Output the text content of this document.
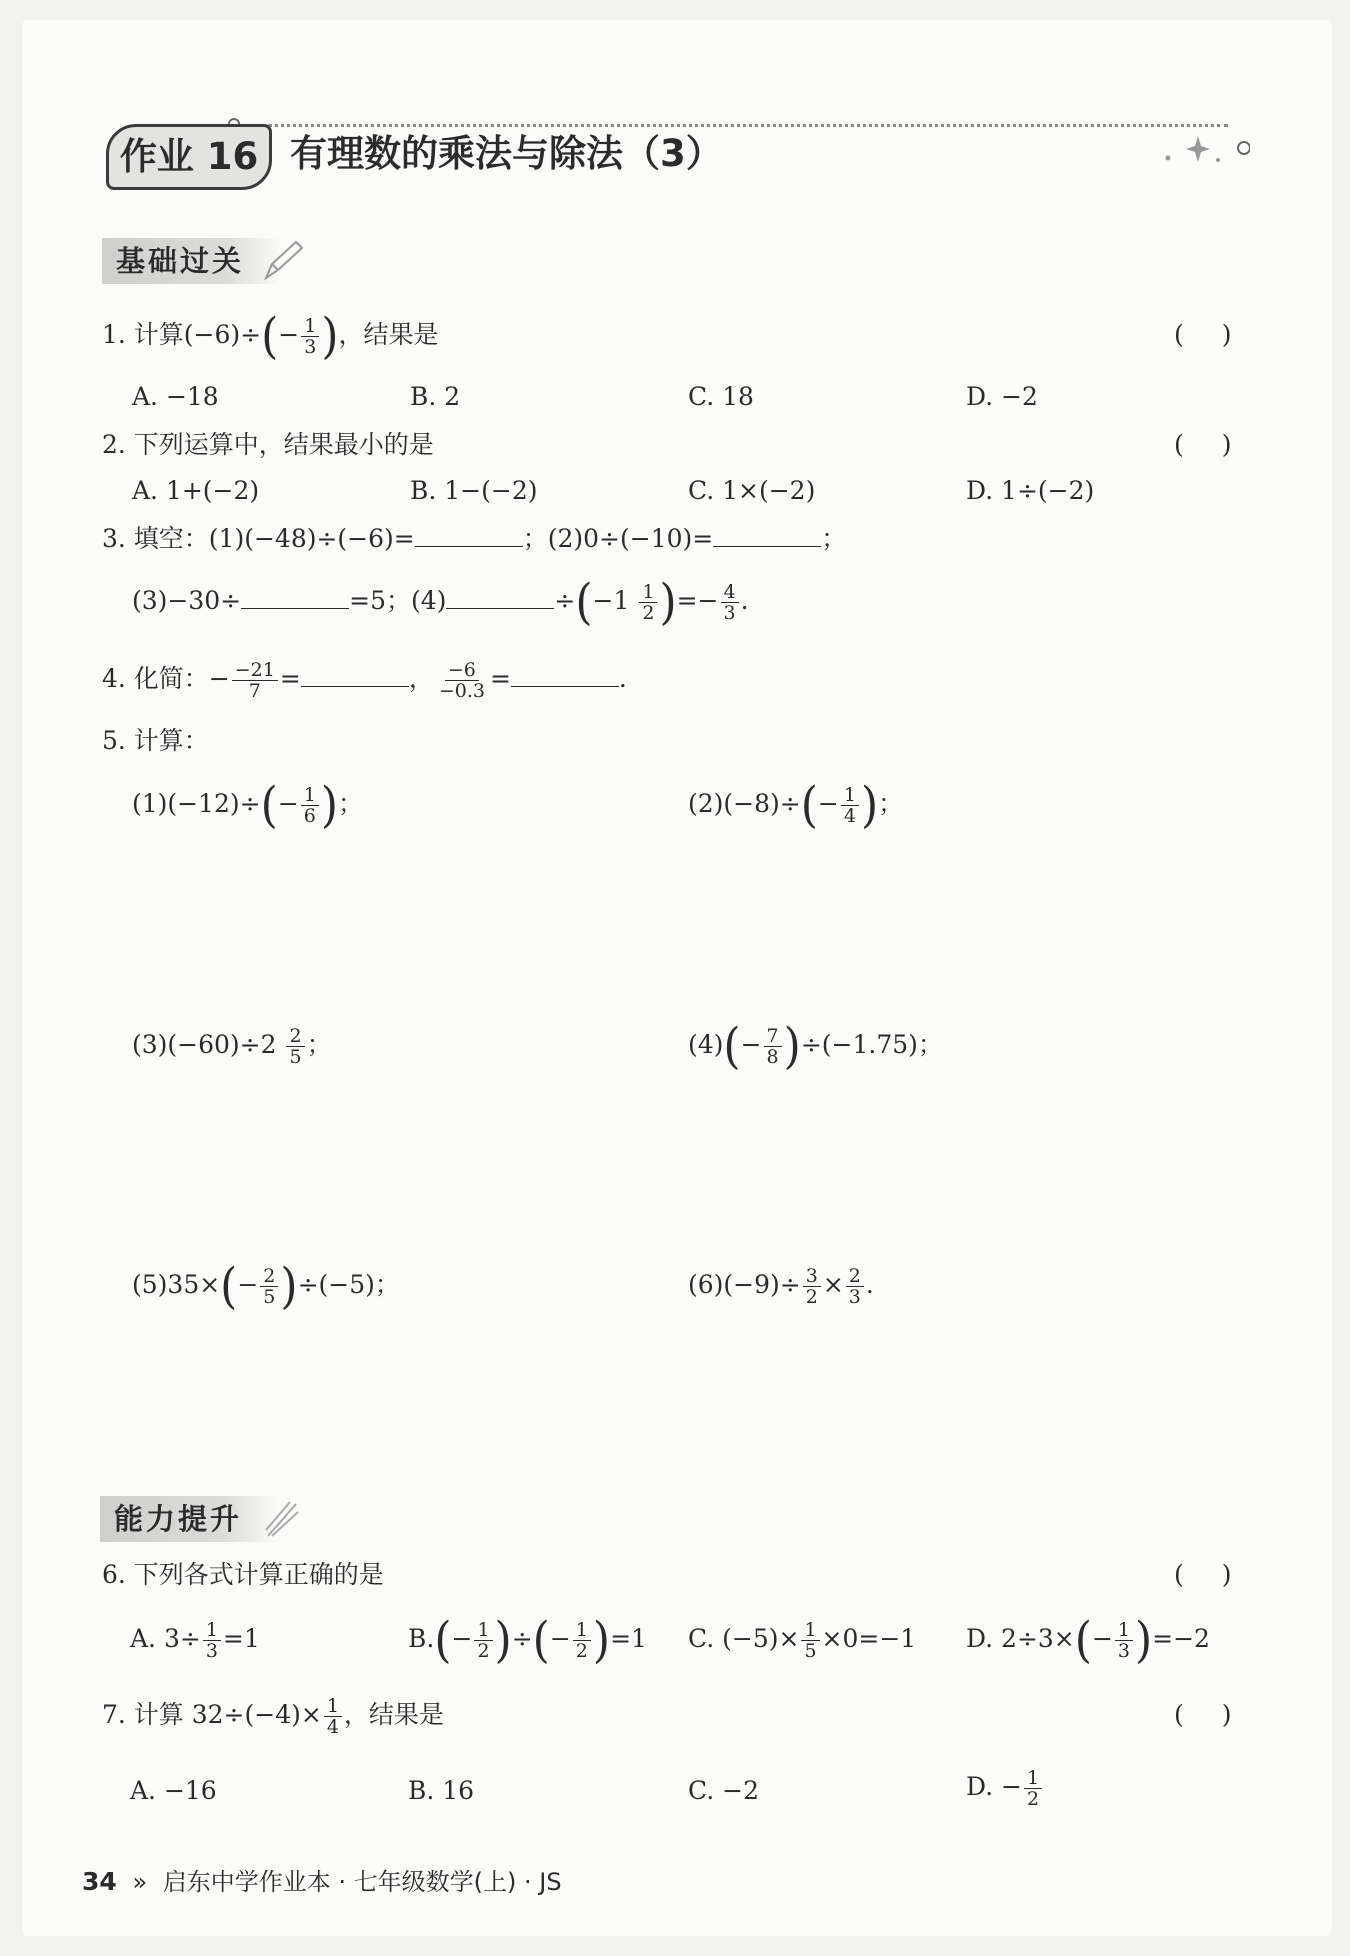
作业 16 有理数的乘法与除法（3）
基础过关
1. 计算$(-6)\div(- \frac{1}{3}$ )，结果是	( )
A. −18	B. 2	C. 18	D. −2
2. 下列运算中，结果最小的是	( )
A. 1+(−2)	B. 1−(−2)	C. 1×(−2)	D. 1÷(−2)
3. 填空：(1)(−48)÷(−6)=	；(2)0÷(−10)=	；
(3)−30÷	=5；(4)	$\div(-1 \frac{1}{2}$ )=− $\frac{4}{3}$ .
4. 化简：− $\frac{-21}{7}$ =	， $\frac{-6}{-0.3}$ =	.
5. 计算：
$(1)(-12)\div(- \frac{1}{6}$ )；	$(2)(-8)\div(- \frac{1}{4}$ )；
$(3)(-60)\div 2 \frac{2}{5}$ ；	$(4)(- \frac{7}{8} )\div(-1.75)$；
$(5)35\times(- \frac{2}{5} )\div(-5)$；	$(6)(-9)\div \frac{3}{2} \times \frac{2}{3}$ .
能力提升
6. 下列各式计算正确的是	( )
A. $3\div \frac{1}{3} =1$	$B.(- \frac{1}{2}$ )÷(− $\frac{1}{2} )=1$ C. $(-5)\times \frac{1}{5} \times 0=-1$ D. $2\div 3\times(- \frac{1}{3} )=-2$
7. 计算 $32\div(-4)\times \frac{1}{4}$ ，结果是	( )
A. −16	B. 16	C. −2	D. − $\frac{1}{2}$
34 » 启东中学作业本 · 七年级数学(上) · JS
